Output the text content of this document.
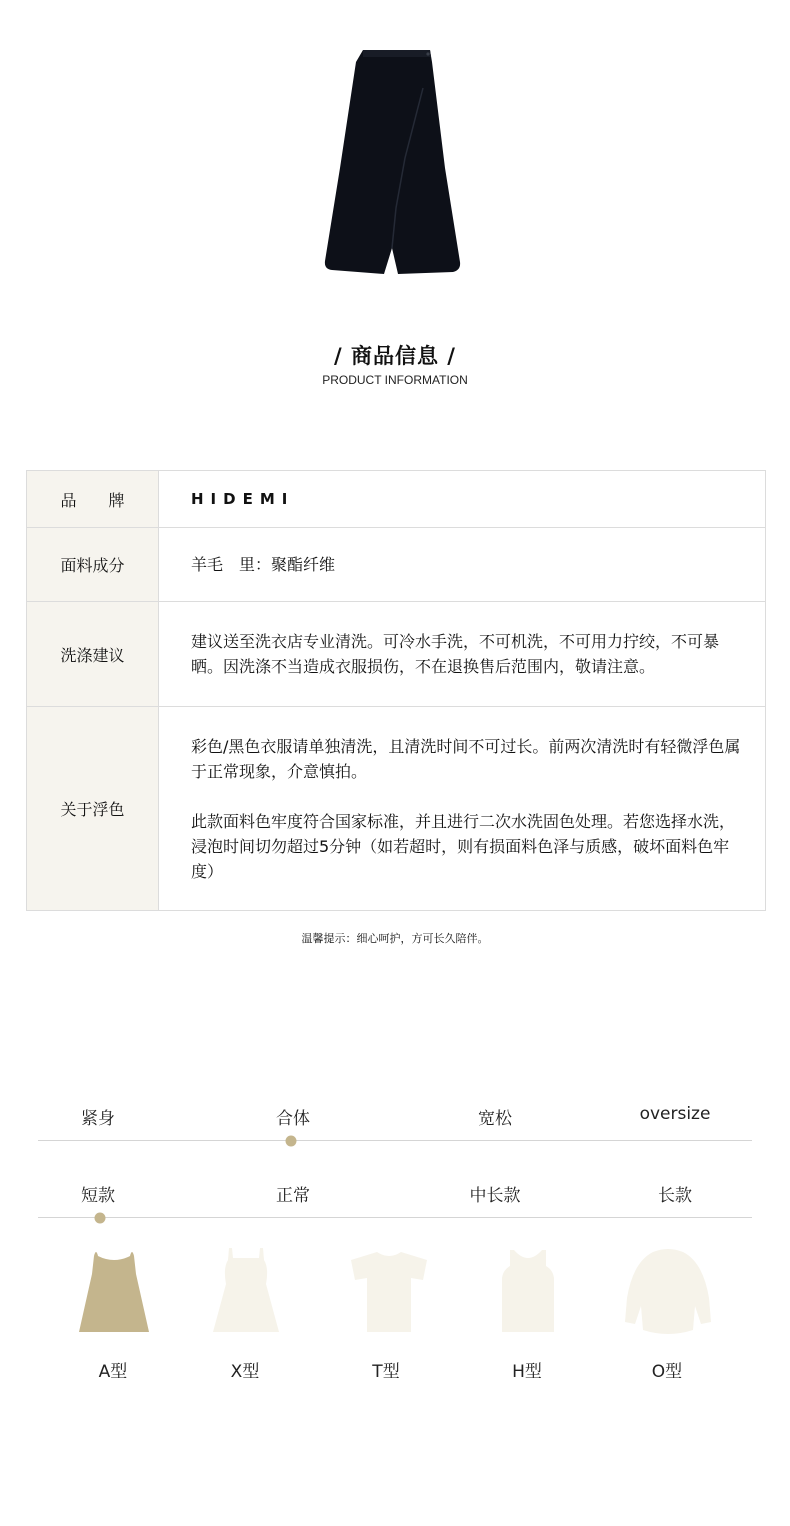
/ 商品信息 /
PRODUCT INFORMATION
品　　牌	HIDEMI
面料成分	羊毛　里：聚酯纤维
洗涤建议	建议送至洗衣店专业清洗。可冷水手洗，不可机洗，不可用力拧绞，不可暴晒。因洗涤不当造成衣服损伤，不在退换售后范围内，敬请注意。
关于浮色	彩色/黑色衣服请单独清洗，且清洗时间不可过长。前两次清洗时有轻微浮色属于正常现象，介意慎拍。

此款面料色牢度符合国家标准，并且进行二次水洗固色处理。若您选择水洗，浸泡时间切勿超过5分钟（如若超时，则有损面料色泽与质感，破坏面料色牢度）

温馨提示：细心呵护，方可长久陪伴。
紧身	合体	宽松	oversize
短款	正常	中长款	长款
A型	X型	T型	H型	O型
